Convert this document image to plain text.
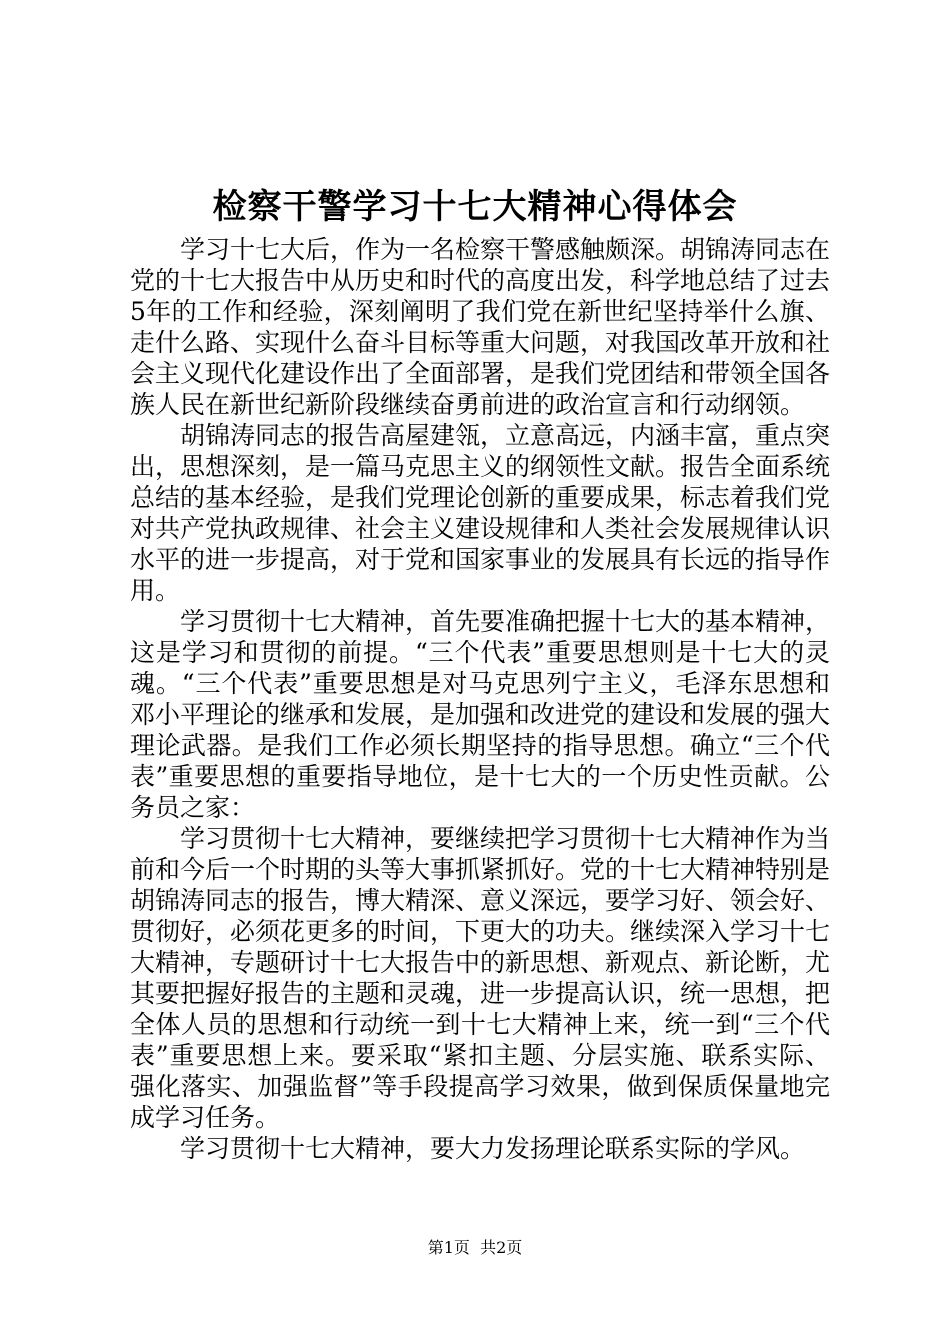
检察干警学习十七大精神心得体会

学习十七大后，作为一名检察干警感触颇深。胡锦涛同志在党的十七大报告中从历史和时代的高度出发，科学地总结了过去5年的工作和经验，深刻阐明了我们党在新世纪坚持举什么旗、走什么路、实现什么奋斗目标等重大问题，对我国改革开放和社会主义现代化建设作出了全面部署，是我们党团结和带领全国各族人民在新世纪新阶段继续奋勇前进的政治宣言和行动纲领。

胡锦涛同志的报告高屋建瓴，立意高远，内涵丰富，重点突出，思想深刻，是一篇马克思主义的纲领性文献。报告全面系统总结的基本经验，是我们党理论创新的重要成果，标志着我们党对共产党执政规律、社会主义建设规律和人类社会发展规律认识水平的进一步提高，对于党和国家事业的发展具有长远的指导作用。

学习贯彻十七大精神，首先要准确把握十七大的基本精神，这是学习和贯彻的前提。“三个代表”重要思想则是十七大的灵魂。“三个代表”重要思想是对马克思列宁主义，毛泽东思想和邓小平理论的继承和发展，是加强和改进党的建设和发展的强大理论武器。是我们工作必须长期坚持的指导思想。确立“三个代表”重要思想的重要指导地位，是十七大的一个历史性贡献。公务员之家：

学习贯彻十七大精神，要继续把学习贯彻十七大精神作为当前和今后一个时期的头等大事抓紧抓好。党的十七大精神特别是胡锦涛同志的报告，博大精深、意义深远，要学习好、领会好、贯彻好，必须花更多的时间，下更大的功夫。继续深入学习十七大精神，专题研讨十七大报告中的新思想、新观点、新论断，尤其要把握好报告的主题和灵魂，进一步提高认识，统一思想，把全体人员的思想和行动统一到十七大精神上来，统一到“三个代表”重要思想上来。要采取“紧扣主题、分层实施、联系实际、强化落实、加强监督”等手段提高学习效果，做到保质保量地完成学习任务。

学习贯彻十七大精神，要大力发扬理论联系实际的学风。

第1页  共2页
